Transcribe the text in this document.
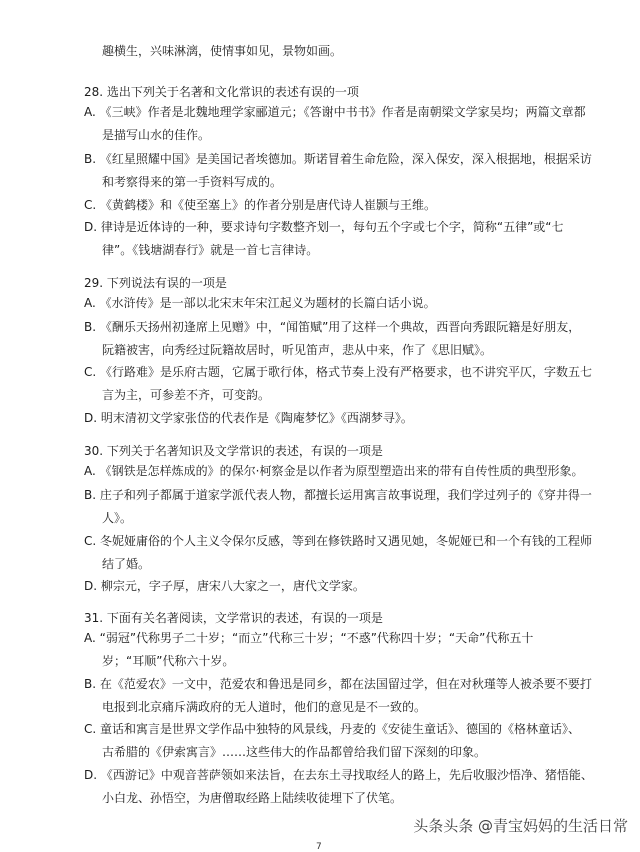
趣横生，兴味淋漓，使情事如见，景物如画。
28. 选出下列关于名著和文化常识的表述有误的一项
A. 《三峡》作者是北魏地理学家郦道元；《答谢中书书》作者是南朝梁文学家吴均；两篇文章都
是描写山水的佳作。
B. 《红星照耀中国》是美国记者埃德加。斯诺冒着生命危险，深入保安，深入根据地，根据采访
和考察得来的第一手资料写成的。
C. 《黄鹤楼》和《使至塞上》的作者分别是唐代诗人崔颢与王维。
D. 律诗是近体诗的一种，要求诗句字数整齐划一，每句五个字或七个字，简称“五律”或“七
律”。《钱塘湖春行》就是一首七言律诗。
29. 下列说法有误的一项是
A. 《水浒传》是一部以北宋末年宋江起义为题材的长篇白话小说。
B. 《酬乐天扬州初逢席上见赠》中，“闻笛赋”用了这样一个典故，西晋向秀跟阮籍是好朋友，
阮籍被害，向秀经过阮籍故居时，听见笛声，悲从中来，作了《思旧赋》。
C. 《行路难》是乐府古题，它属于歌行体，格式节奏上没有严格要求，也不讲究平仄，字数五七
言为主，可参差不齐，可变韵。
D. 明末清初文学家张岱的代表作是《陶庵梦忆》《西湖梦寻》。
30. 下列关于名著知识及文学常识的表述，有误的一项是
A. 《钢铁是怎样炼成的》的保尔·柯察金是以作者为原型塑造出来的带有自传性质的典型形象。
B. 庄子和列子都属于道家学派代表人物，都擅长运用寓言故事说理，我们学过列子的《穿井得一
人》。
C. 冬妮娅庸俗的个人主义令保尔反感，等到在修铁路时又遇见她，冬妮娅已和一个有钱的工程师
结了婚。
D. 柳宗元，字子厚，唐宋八大家之一，唐代文学家。
31. 下面有关名著阅读，文学常识的表述，有误的一项是
A. “弱冠”代称男子二十岁；“而立”代称三十岁；“不惑”代称四十岁；“天命”代称五十
岁；“耳顺”代称六十岁。
B. 在《范爱农》一文中，范爱农和鲁迅是同乡，都在法国留过学，但在对秋瑾等人被杀要不要打
电报到北京痛斥满政府的无人道时，他们的意见是不一致的。
C. 童话和寓言是世界文学作品中独特的风景线，丹麦的《安徒生童话》、德国的《格林童话》、
古希腊的《伊索寓言》……这些伟大的作品都曾给我们留下深刻的印象。
D. 《西游记》中观音菩萨领如来法旨，在去东土寻找取经人的路上，先后收服沙悟净、猪悟能、
小白龙、孙悟空，为唐僧取经路上陆续收徒埋下了伏笔。
头条头条 @青宝妈妈的生活日常
7
